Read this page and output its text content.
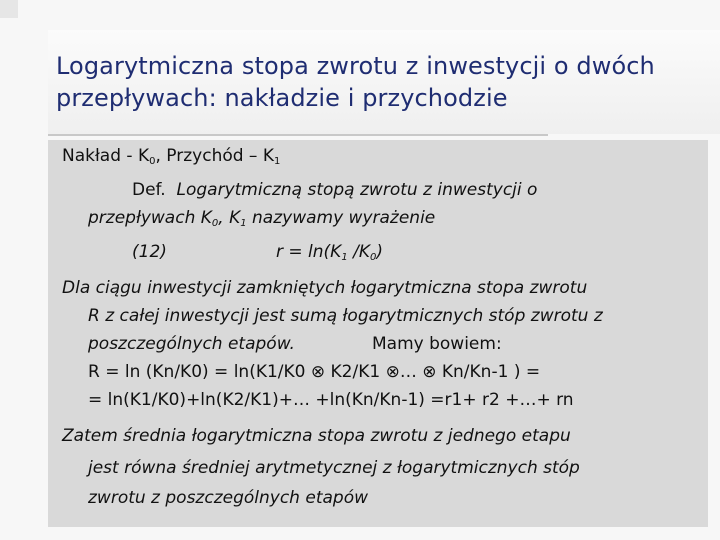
Logarytmiczna stopa zwrotu z inwestycji o dwóch przepływach: nakładzie i przychodzie
Nakład - $K_0$, Przychód – $K_1$
Def. Logarytmiczną stopą zwrotu z inwestycji o
przepływach $K_0$, $K_1$ nazywamy wyrażenie
(12)	$r = \ln(K_1$ $/K_0$)
Dla ciągu inwestycji zamkniętych łogarytmiczna stopa zwrotu
R z całej inwestycji jest sumą łogarytmicznych stóp zwrotu z
poszczególnych etapów.	Mamy bowiem:
R = ln (Kn/K0) = ln(K1/K0 ⊗ K2/K1 ⊗… ⊗ Kn/Kn-1 ) =
= ln(K1/K0)+ln(K2/K1)+… +ln(Kn/Kn-1) =r1+ r2 +…+ rn
Zatem średnia łogarytmiczna stopa zwrotu z jednego etapu
jest równa średniej arytmetycznej z łogarytmicznych stóp
zwrotu z poszczególnych etapów
